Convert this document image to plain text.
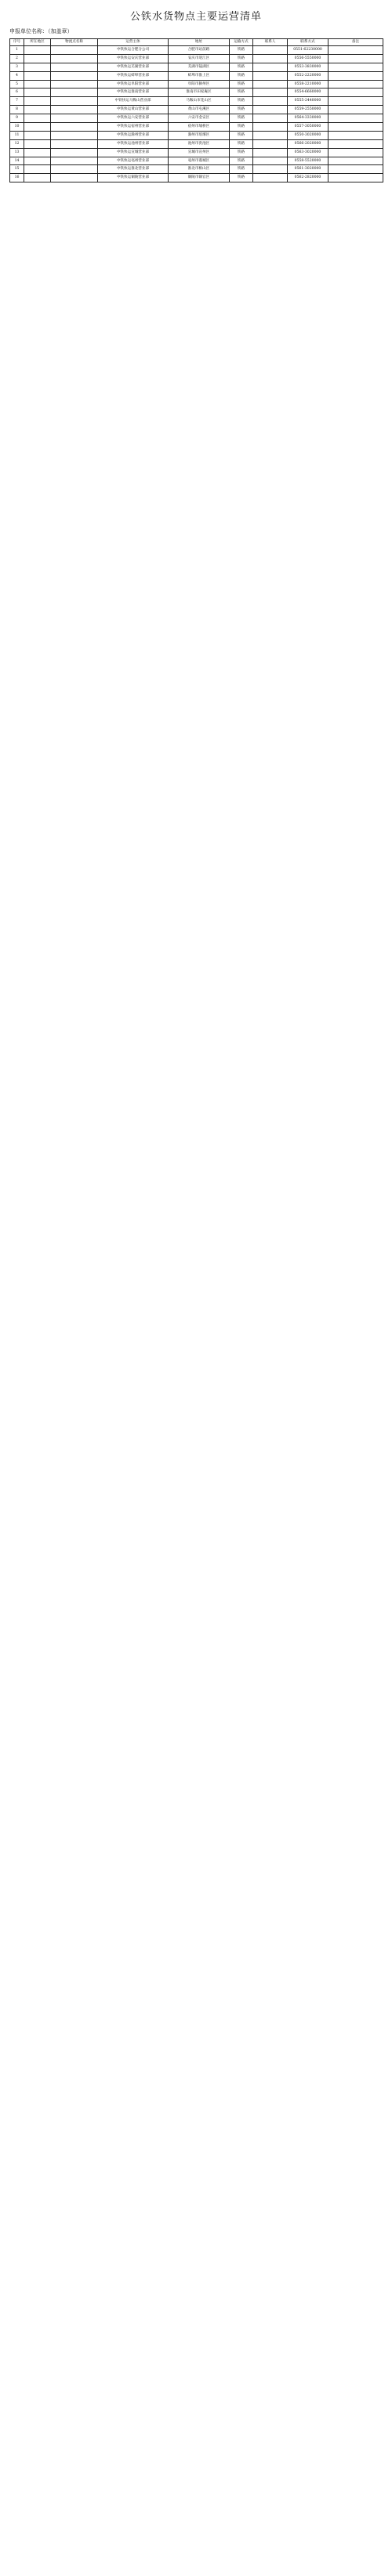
公铁水货物点主要运营清单
申报单位名称：（加盖章）
序号	所在地区	物流点名称	运营主体	地址	运输方式	联系人	联系方式	备注
1			中铁快运合肥分公司	合肥市站前路	铁路		0551-62230000	
2			中铁快运安庆营业部	安庆市迎江区	铁路		0556-5550000	
3			中铁快运芜湖营业部	芜湖市镜湖区	铁路		0553-3830000	
4			中铁快运蚌埠营业部	蚌埠市淮上区	铁路		0552-2220000	
5			中铁快运阜阳营业部	阜阳市颍州区	铁路		0558-2210000	
6			中铁快运淮南营业部	淮南市田家庵区	铁路		0554-6660000	
7			中铁快运马鞍山营业部	马鞍山市花山区	铁路		0555-2440000	
8			中铁快运黄山营业部	黄山市屯溪区	铁路		0559-2550000	
9			中铁快运六安营业部	六安市金安区	铁路		0564-3330000	
10			中铁快运宿州营业部	宿州市埇桥区	铁路		0557-3050000	
11			中铁快运滁州营业部	滁州市琅琊区	铁路		0550-3020000	
12			中铁快运池州营业部	池州市贵池区	铁路		0566-2020000	
13			中铁快运宣城营业部	宣城市宣州区	铁路		0563-3020000	
14			中铁快运亳州营业部	亳州市谯城区	铁路		0558-5520000	
15			中铁快运淮北营业部	淮北市相山区	铁路		0561-3020000	
16			中铁快运铜陵营业部	铜陵市铜官区	铁路		0562-2820000	
